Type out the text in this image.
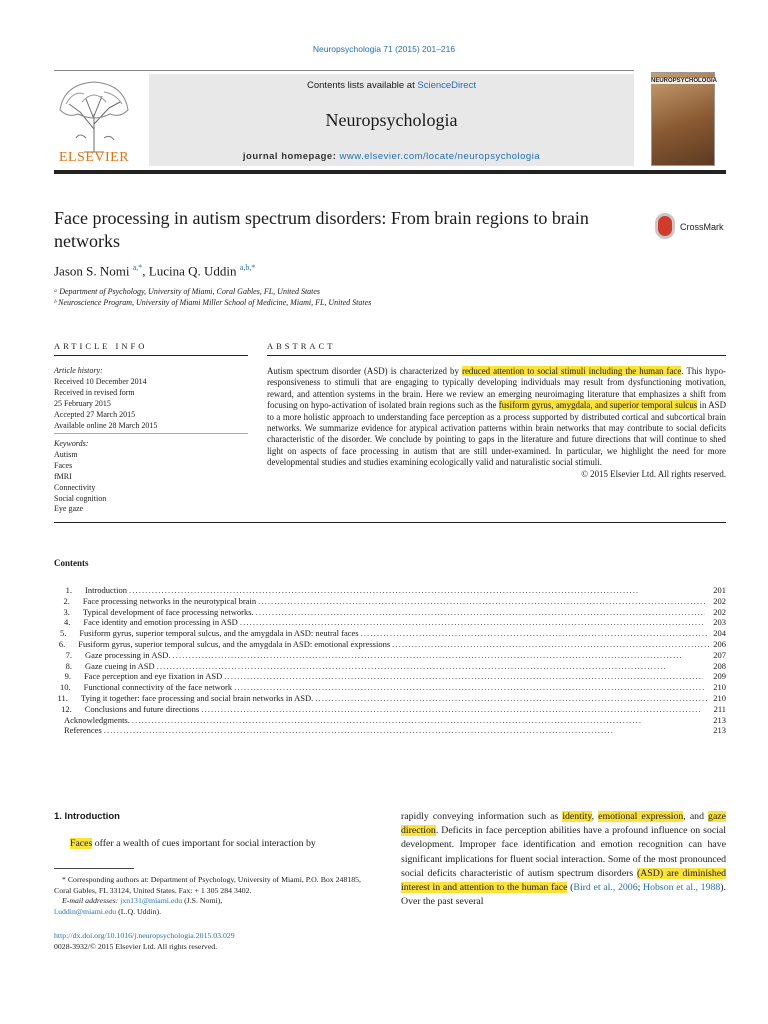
Neuropsychologia 71 (2015) 201–216
ELSEVIER
Contents lists available at ScienceDirect
Neuropsychologia
journal homepage: www.elsevier.com/locate/neuropsychologia
NEUROPSYCHOLOGIA
Face processing in autism spectrum disorders: From brain regions to brain networks
CrossMark
Jason S. Nomi $^{a,*}$, Lucina Q. Uddin $^{a,b,*}$
ᵃ Department of Psychology, University of Miami, Coral Gables, FL, United States
ᵇ Neuroscience Program, University of Miami Miller School of Medicine, Miami, FL, United States
ARTICLE INFO	ABSTRACT
Article history:
Received 10 December 2014
Received in revised form
25 February 2015
Accepted 27 March 2015
Available online 28 March 2015
Keywords:
Autism
Faces
fMRI
Connectivity
Social cognition
Eye gaze
Autism spectrum disorder (ASD) is characterized by reduced attention to social stimuli including the human face. This hypo-responsiveness to stimuli that are engaging to typically developing individuals may result from dysfunctioning motivation, reward, and attention systems in the brain. Here we review an emerging neuroimaging literature that emphasizes a shift from focusing on hypo-activation of isolated brain regions such as the fusiform gyrus, amygdala, and superior temporal sulcus in ASD to a more holistic approach to understanding face perception as a process supported by distributed cortical and subcortical brain networks. We summarize evidence for atypical activation patterns within brain networks that may contribute to social deficits characteristic of the disorder. We conclude by pointing to gaps in the literature and future directions that will continue to shed light on aspects of face processing in autism that are still under-examined. In particular, we highlight the need for more developmental studies and studies examining ecologically valid and naturalistic social stimuli.
© 2015 Elsevier Ltd. All rights reserved.
Contents
1. Introduction . . .	201
2. Face processing networks in the neurotypical brain . . .	202
3. Typical development of face processing networks. . . .	202
4. Face identity and emotion processing in ASD . . .	203
5. Fusiform gyrus, superior temporal sulcus, and the amygdala in ASD: neutral faces . . .	204
6. Fusiform gyrus, superior temporal sulcus, and the amygdala in ASD: emotional expressions . . .	206
7. Gaze processing in ASD. . . .	207
8. Gaze cueing in ASD . . .	208
9. Face perception and eye fixation in ASD . . .	209
10. Functional connectivity of the face network . . .	210
11. Tying it together: face processing and social brain networks in ASD. . . .	210
12. Conclusions and future directions . . .	211
Acknowledgments. . . .	213
References . . .	213
1. Introduction
Faces offer a wealth of cues important for social interaction by
* Corresponding authors at: Department of Psychology, University of Miami, P.O. Box 248185, Coral Gables, FL 33124, United States. Fax: + 1 305 284 3402.
E-mail addresses: jxn131@miami.edu (J.S. Nomi),
l.uddin@miami.edu (L.Q. Uddin).
http://dx.doi.org/10.1016/j.neuropsychologia.2015.03.029
0028-3932/© 2015 Elsevier Ltd. All rights reserved.
rapidly conveying information such as identity, emotional expression, and gaze direction. Deficits in face perception abilities have a profound influence on social development. Improper face identification and emotion recognition can have significant implications for fluent social interaction. Some of the most pronounced social deficits characteristic of autism spectrum disorders (ASD) are diminished interest in and attention to the human face (Bird et al., 2006; Hobson et al., 1988). Over the past several
